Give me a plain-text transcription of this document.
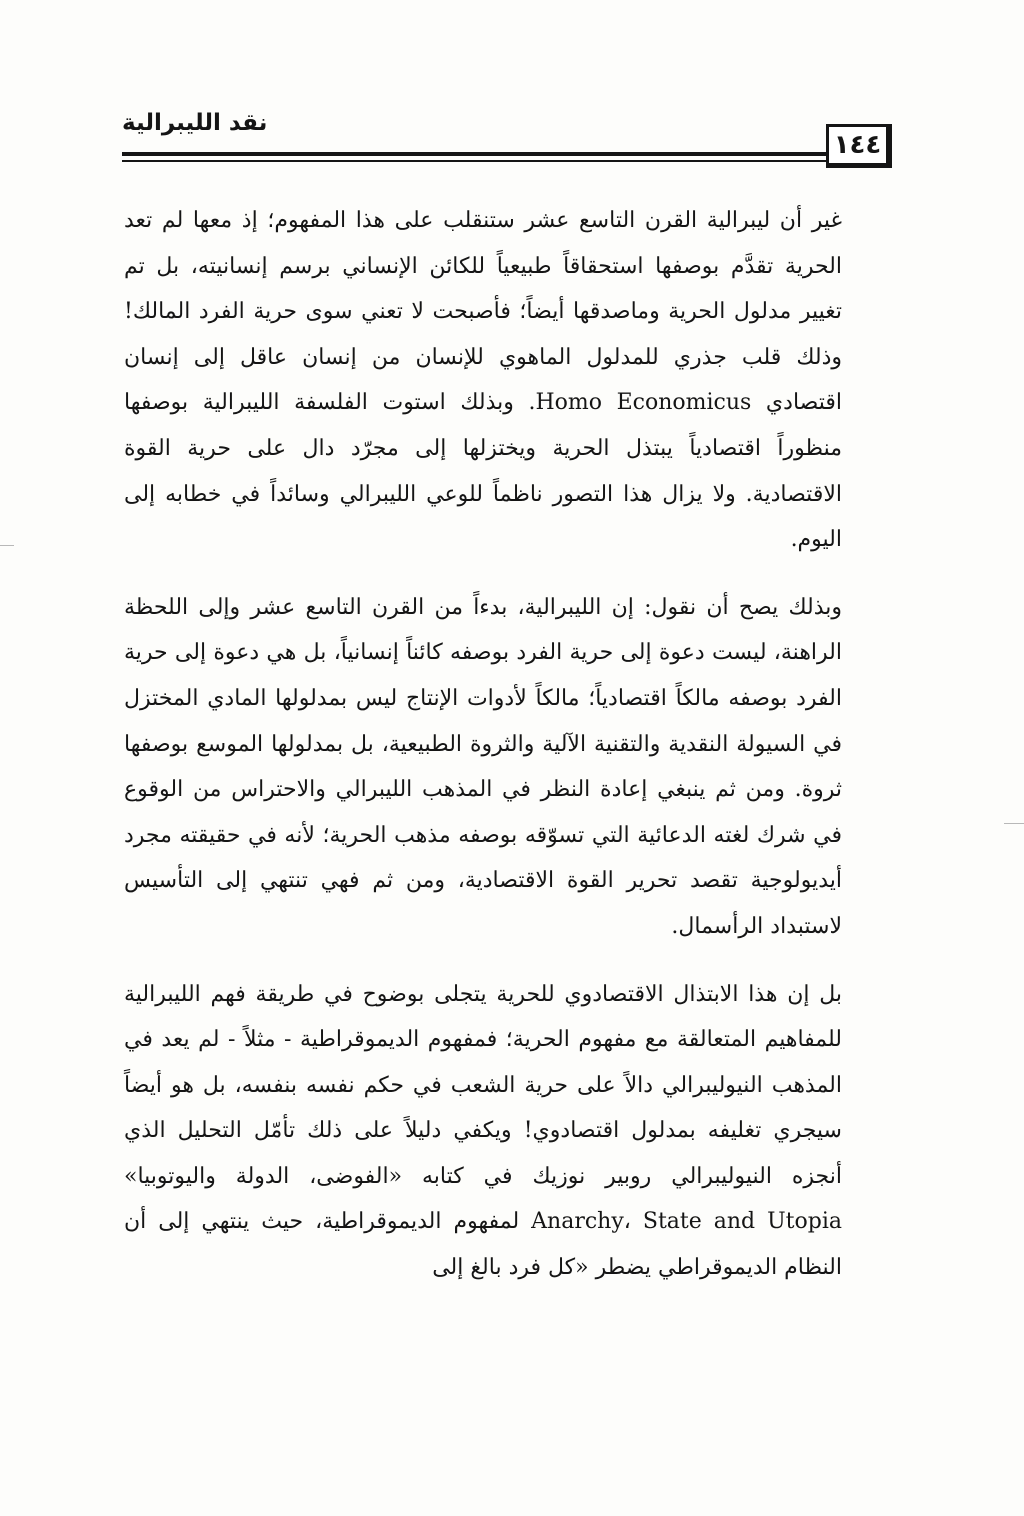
نقد الليبرالية
١٤٤

غير أن ليبرالية القرن التاسع عشر ستنقلب على هذا المفهوم؛ إذ معها لم تعد الحرية تقدَّم بوصفها استحقاقاً طبيعياً للكائن الإنساني برسم إنسانيته، بل تم تغيير مدلول الحرية وماصدقها أيضاً؛ فأصبحت لا تعني سوى حرية الفرد المالك! وذلك قلب جذري للمدلول الماهوي للإنسان من إنسان عاقل إلى إنسان اقتصادي Homo Economicus. وبذلك استوت الفلسفة الليبرالية بوصفها منظوراً اقتصادياً يبتذل الحرية ويختزلها إلى مجرّد دال على حرية القوة الاقتصادية. ولا يزال هذا التصور ناظماً للوعي الليبرالي وسائداً في خطابه إلى اليوم.

وبذلك يصح أن نقول: إن الليبرالية، بدءاً من القرن التاسع عشر وإلى اللحظة الراهنة، ليست دعوة إلى حرية الفرد بوصفه كائناً إنسانياً، بل هي دعوة إلى حرية الفرد بوصفه مالكاً اقتصادياً؛ مالكاً لأدوات الإنتاج ليس بمدلولها المادي المختزل في السيولة النقدية والتقنية الآلية والثروة الطبيعية، بل بمدلولها الموسع بوصفها ثروة. ومن ثم ينبغي إعادة النظر في المذهب الليبرالي والاحتراس من الوقوع في شرك لغته الدعائية التي تسوّقه بوصفه مذهب الحرية؛ لأنه في حقيقته مجرد أيديولوجية تقصد تحرير القوة الاقتصادية، ومن ثم فهي تنتهي إلى التأسيس لاستبداد الرأسمال.

بل إن هذا الابتذال الاقتصادوي للحرية يتجلى بوضوح في طريقة فهم الليبرالية للمفاهيم المتعالقة مع مفهوم الحرية؛ فمفهوم الديموقراطية - مثلاً - لم يعد في المذهب النيوليبرالي دالاً على حرية الشعب في حكم نفسه بنفسه، بل هو أيضاً سيجري تغليفه بمدلول اقتصادوي! ويكفي دليلاً على ذلك تأمّل التحليل الذي أنجزه النيوليبرالي روبير نوزيك في كتابه «الفوضى، الدولة واليوتوبيا» Anarchy، State and Utopia لمفهوم الديموقراطية، حيث ينتهي إلى أن النظام الديموقراطي يضطر «كل فرد بالغ إلى
